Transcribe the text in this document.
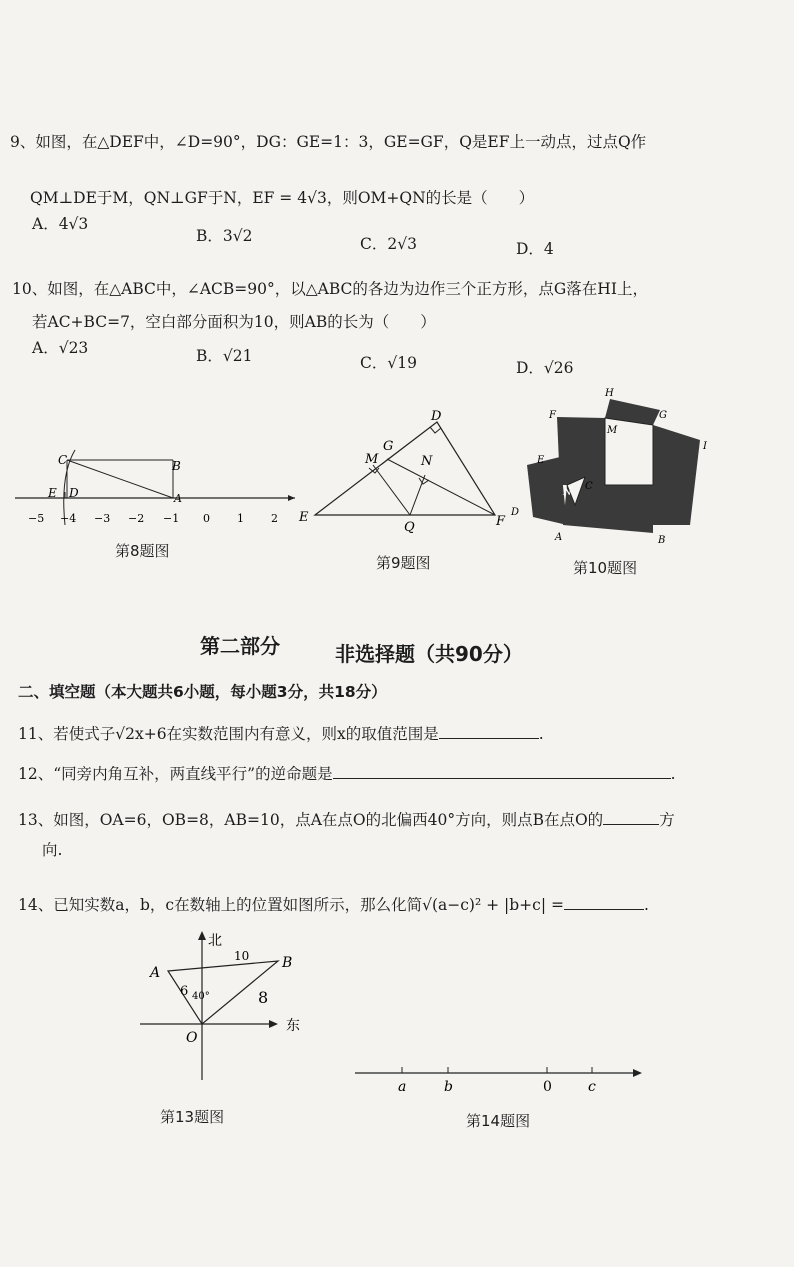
9、如图，在△DEF中，∠D=90°，DG：GE=1：3，GE=GF，Q是EF上一动点，过点Q作
QM⊥DE于M，QN⊥GF于N，EF = 4√3，则OM+QN的长是（　　）
A．4√3
B．3√2	C．2√3	D．4
10、如图，在△ABC中，∠ACB=90°，以△ABC的各边为边作三个正方形，点G落在HI上，
若AC+BC=7，空白部分面积为10，则AB的长为（　　）
A．√23	B．√21	C．√19	D．√26
C	B
E D	A
−5 −4 −3 −2 −1 0 1 2
第8题图
D
G
M	N
E
Q	F
第9题图
H
F
M
G
I
E
N
C
D
A	B
第10题图
第二部分	非选择题（共90分）
二、填空题（本大题共6小题，每小题3分，共18分）
11、若使式子√2x+6在实数范围内有意义，则x的取值范围是	.
12、“同旁内角互补，两直线平行”的逆命题是	.
13、如图，OA=6，OB=8，AB=10，点A在点O的北偏西40°方向，则点B在点O的	方
向.
14、已知实数a，b，c在数轴上的位置如图所示，那么化简√(a−c)² + |b+c| =	.
北
东
A
B
O
10
6 40°	8
第13题图
a	b	0	c
第14题图
